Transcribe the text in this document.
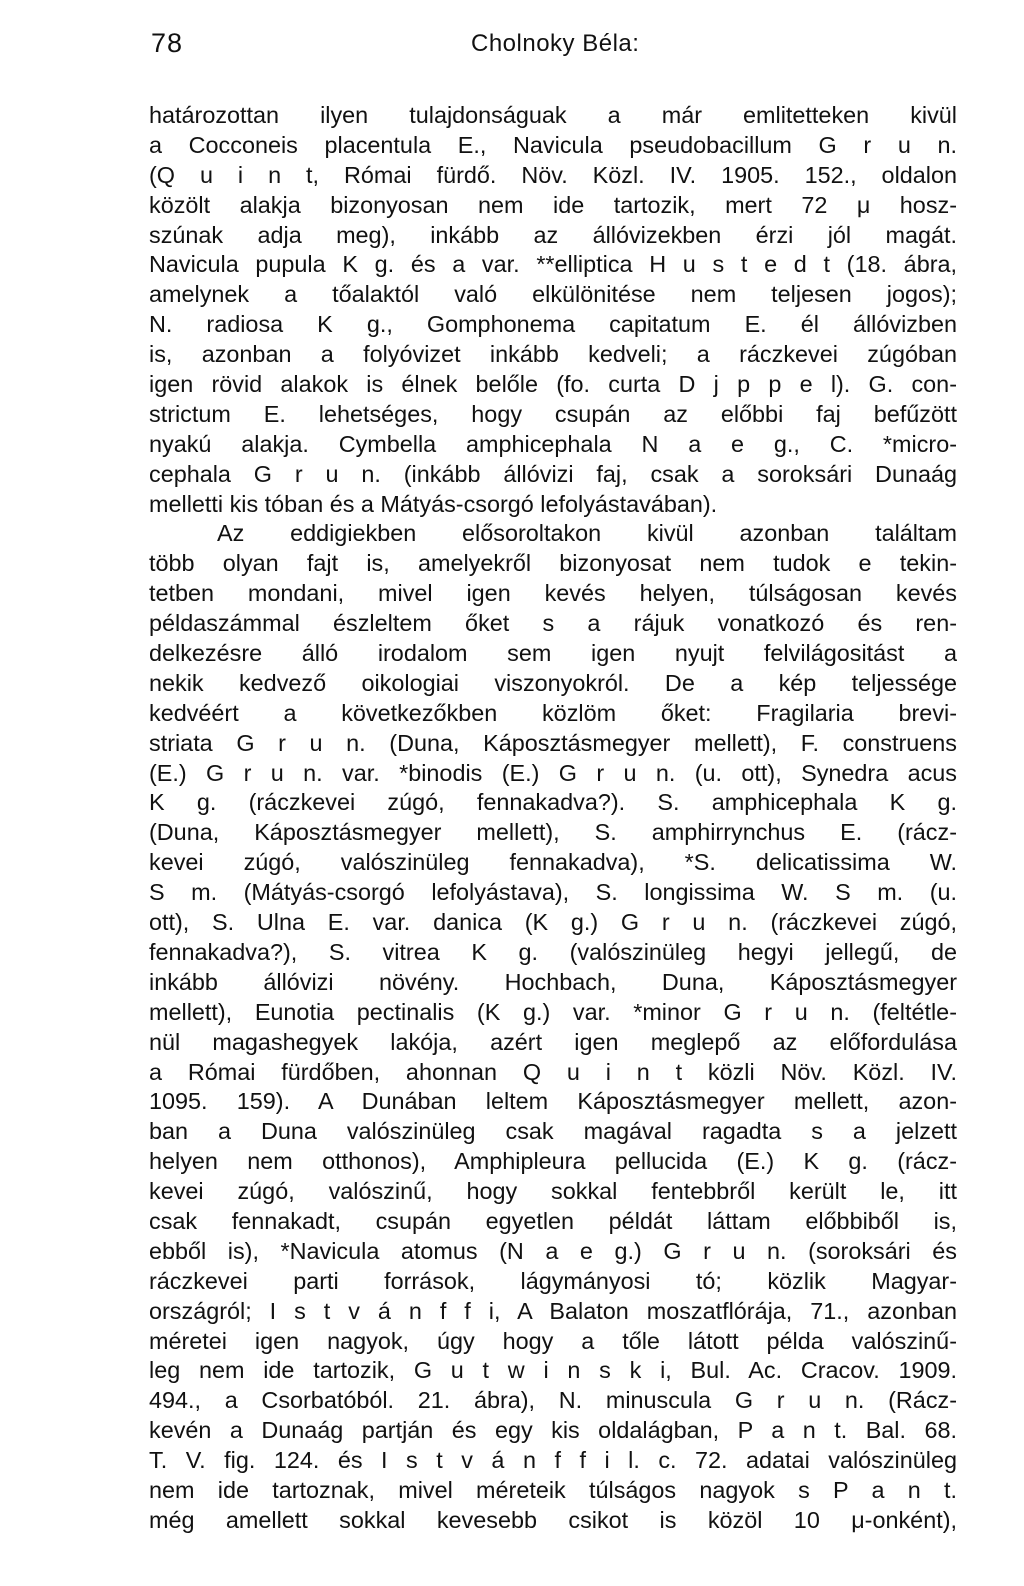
78	Cholnoky Béla:
határozottan ilyen tulajdonságuak a már emlitetteken kivül
a Cocconeis placentula E., Navicula pseudobacillum G r u n.
(Q u i n t, Római fürdő. Növ. Közl. IV. 1905. 152., oldalon
közölt alakja bizonyosan nem ide tartozik, mert 72 μ hosz-
szúnak adja meg), inkább az állóvizekben érzi jól magát.
Navicula pupula K g. és a var. **elliptica H u s t e d t (18. ábra,
amelynek a tőalaktól való elkülönitése nem teljesen jogos);
N. radiosa K g., Gomphonema capitatum E. él állóvizben
is, azonban a folyóvizet inkább kedveli; a ráczkevei zúgóban
igen rövid alakok is élnek belőle (fo. curta D j p p e l). G. con-
strictum E. lehetséges, hogy csupán az előbbi faj befűzött
nyakú alakja. Cymbella amphicephala N a e g., C. *micro-
cephala G r u n. (inkább állóvizi faj, csak a soroksári Dunaág
melletti kis tóban és a Mátyás-csorgó lefolyástavában).
Az eddigiekben elősoroltakon kivül azonban találtam
több olyan fajt is, amelyekről bizonyosat nem tudok e tekin-
tetben mondani, mivel igen kevés helyen, túlságosan kevés
példaszámmal észleltem őket s a rájuk vonatkozó és ren-
delkezésre álló irodalom sem igen nyujt felvilágositást a
nekik kedvező oikologiai viszonyokról. De a kép teljessége
kedvéért a következőkben közlöm őket: Fragilaria brevi-
striata G r u n. (Duna, Káposztásmegyer mellett), F. construens
(E.) G r u n. var. *binodis (E.) G r u n. (u. ott), Synedra acus
K g. (ráczkevei zúgó, fennakadva?). S. amphicephala K g.
(Duna, Káposztásmegyer mellett), S. amphirrynchus E. (rácz-
kevei zúgó, valószinüleg fennakadva), *S. delicatissima W.
S m. (Mátyás-csorgó lefolyástava), S. longissima W. S m. (u.
ott), S. Ulna E. var. danica (K g.) G r u n. (ráczkevei zúgó,
fennakadva?), S. vitrea K g. (valószinüleg hegyi jellegű, de
inkább állóvizi növény. Hochbach, Duna, Káposztásmegyer
mellett), Eunotia pectinalis (K g.) var. *minor G r u n. (feltétle-
nül magashegyek lakója, azért igen meglepő az előfordulása
a Római fürdőben, ahonnan Q u i n t közli Növ. Közl. IV.
1095. 159). A Dunában leltem Káposztásmegyer mellett, azon-
ban a Duna valószinüleg csak magával ragadta s a jelzett
helyen nem otthonos), Amphipleura pellucida (E.) K g. (rácz-
kevei zúgó, valószinű, hogy sokkal fentebbről került le, itt
csak fennakadt, csupán egyetlen példát láttam előbbiből is,
ebből is), *Navicula atomus (N a e g.) G r u n. (soroksári és
ráczkevei parti források, lágymányosi tó; közlik Magyar-
országról; I s t v á n f f i, A Balaton moszatflórája, 71., azonban
méretei igen nagyok, úgy hogy a tőle látott példa valószinű-
leg nem ide tartozik, G u t w i n s k i, Bul. Ac. Cracov. 1909.
494., a Csorbatóból. 21. ábra), N. minuscula G r u n. (Rácz-
kevén a Dunaág partján és egy kis oldalágban, P a n t. Bal. 68.
T. V. fig. 124. és I s t v á n f f i l. c. 72. adatai valószinüleg
nem ide tartoznak, mivel méreteik túlságos nagyok s P a n t.
még amellett sokkal kevesebb csikot is közöl 10 μ-onként),
